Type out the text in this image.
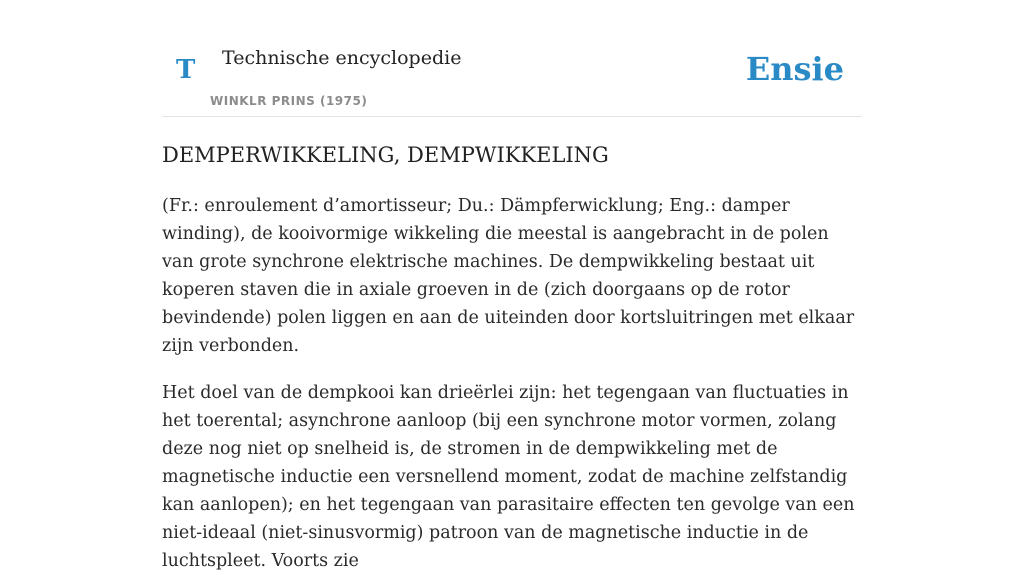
T Technische encyclopedie
WINKLR PRINS (1975)
Ensie
DEMPERWIKKELING, DEMPWIKKELING

(Fr.: enroulement d’amortisseur; Du.: Dämpferwicklung; Eng.: damper winding), de kooivormige wikkeling die meestal is aangebracht in de polen van grote synchrone elektrische machines. De dempwikkeling bestaat uit koperen staven die in axiale groeven in de (zich doorgaans op de rotor bevindende) polen liggen en aan de uiteinden door kortsluitringen met elkaar zijn verbonden.

Het doel van de dempkooi kan drieërlei zijn: het tegengaan van fluctuaties in het toerental; asynchrone aanloop (bij een synchrone motor vormen, zolang deze nog niet op snelheid is, de stromen in de dempwikkeling met de magnetische inductie een versnellend moment, zodat de machine zelfstandig kan aanlopen); en het tegengaan van parasitaire effecten ten gevolge van een niet-ideaal (niet-sinusvormig) patroon van de magnetische inductie in de luchtspleet. Voorts zie
